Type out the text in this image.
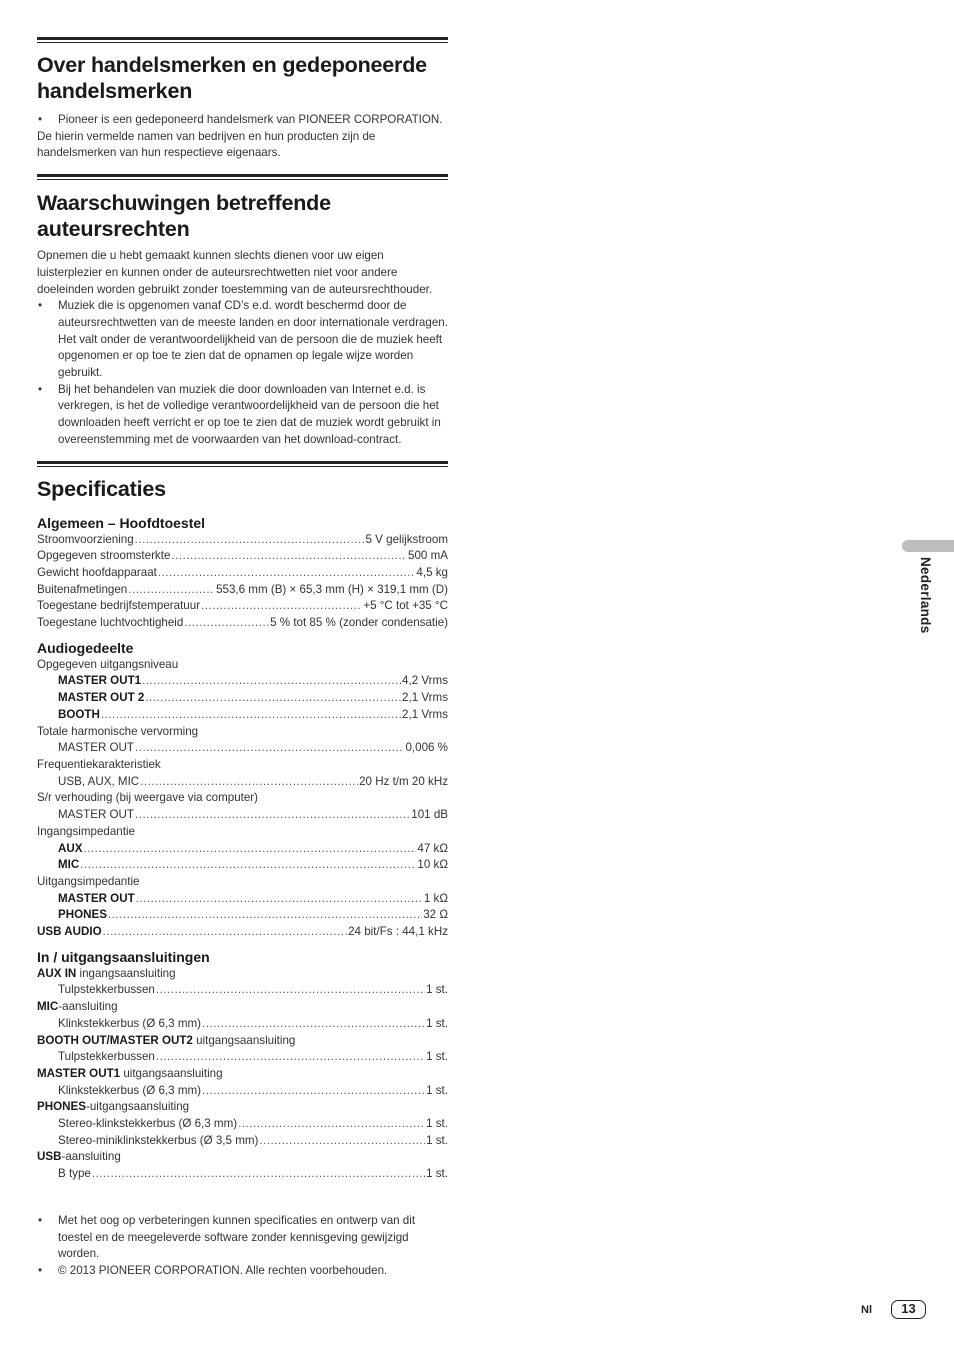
Over handelsmerken en gedeponeerde handelsmerken
• Pioneer is een gedeponeerd handelsmerk van PIONEER CORPORATION.

De hierin vermelde namen van bedrijven en hun producten zijn de handelsmerken van hun respectieve eigenaars.

Waarschuwingen betreffende auteursrechten

Opnemen die u hebt gemaakt kunnen slechts dienen voor uw eigen luisterplezier en kunnen onder de auteursrechtwetten niet voor andere doeleinden worden gebruikt zonder toestemming van de auteursrechthouder.

• Muziek die is opgenomen vanaf CD’s e.d. wordt beschermd door de auteursrechtwetten van de meeste landen en door internationale verdragen. Het valt onder de verantwoordelijkheid van de persoon die de muziek heeft opgenomen er op toe te zien dat de opnamen op legale wijze worden gebruikt.
• Bij het behandelen van muziek die door downloaden van Internet e.d. is verkregen, is het de volledige verantwoordelijkheid van de persoon die het downloaden heeft verricht er op toe te zien dat de muziek wordt gebruikt in overeenstemming met de voorwaarden van het download-contract.
Specificaties
Algemeen – Hoofdtoestel
Stroomvoorziening .....	5 V gelijkstroom
Opgegeven stroomsterkte .....	500 mA
Gewicht hoofdapparaat .....	4,5 kg
Buitenafmetingen .....	553,6 mm (B) × 65,3 mm (H) × 319,1 mm (D)
Toegestane bedrijfstemperatuur .....	+5 °C tot +35 °C
Toegestane luchtvochtigheid .....	5 % tot 85 % (zonder condensatie)
Audiogedeelte
Opgegeven uitgangsniveau
MASTER OUT1 .....	4,2 Vrms
MASTER OUT 2 .....	2,1 Vrms
BOOTH .....	2,1 Vrms
Totale harmonische vervorming
MASTER OUT .....	0,006 %
Frequentiekarakteristiek
USB, AUX, MIC .....	20 Hz t/m 20 kHz
S/r verhouding (bij weergave via computer)
MASTER OUT .....	101 dB
Ingangsimpedantie
AUX .....	47 kΩ
MIC .....	10 kΩ
Uitgangsimpedantie
MASTER OUT .....	1 kΩ
PHONES .....	32 Ω
USB AUDIO .....	24 bit/Fs : 44,1 kHz
In / uitgangsaansluitingen
AUX IN ingangsaansluiting
Tulpstekkerbussen .....	1 st.
MIC-aansluiting
Klinkstekkerbus (Ø 6,3 mm) .....	1 st.
BOOTH OUT/MASTER OUT2 uitgangsaansluiting
Tulpstekkerbussen .....	1 st.
MASTER OUT1 uitgangsaansluiting
Klinkstekkerbus (Ø 6,3 mm) .....	1 st.
PHONES-uitgangsaansluiting
Stereo-klinkstekkerbus (Ø 6,3 mm) .....	1 st.
Stereo-miniklinkstekkerbus (Ø 3,5 mm) .....	1 st.
USB-aansluiting
B type .....	1 st.
• Met het oog op verbeteringen kunnen specificaties en ontwerp van dit toestel en de meegeleverde software zonder kennisgeving gewijzigd worden.
• © 2013 PIONEER CORPORATION. Alle rechten voorbehouden.
Nederlands
Nl	13
